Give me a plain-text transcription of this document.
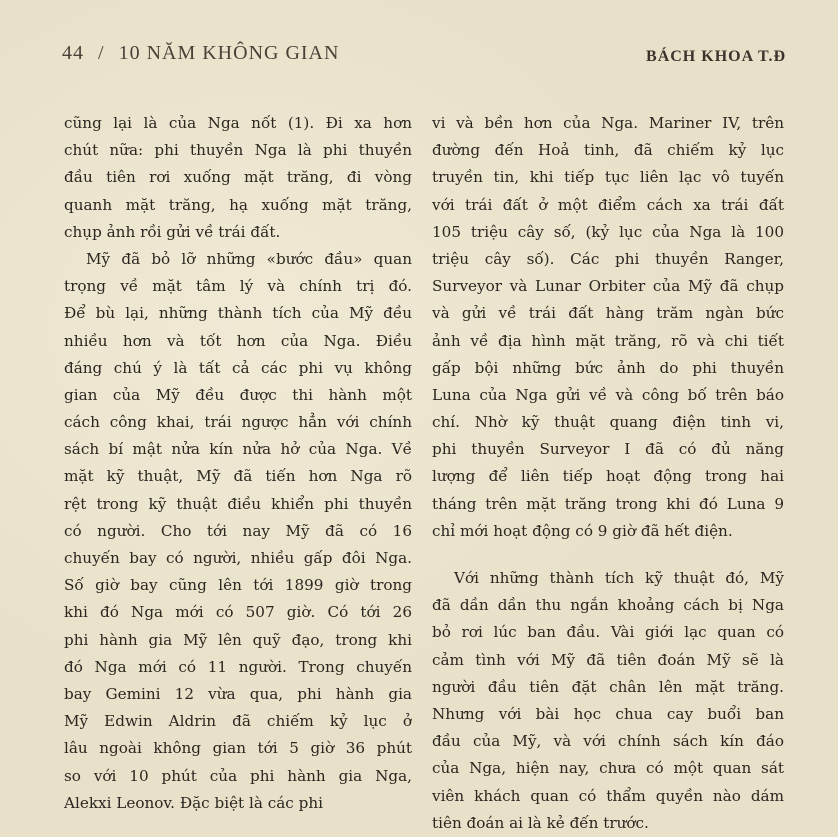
44 / 10 NĂM KHÔNG GIAN	BÁCH KHOA T.Đ
cũng lại là của Nga nốt (1). Đi xa hơn
chút nữa: phi thuyền Nga là phi thuyền
đầu tiên rơi xuống mặt trăng, đi vòng
quanh mặt trăng, hạ xuống mặt trăng,
chụp ảnh rồi gửi về trái đất.
Mỹ đã bỏ lỡ những «bước đầu» quan
trọng về mặt tâm lý và chính trị đó.
Để bù lại, những thành tích của Mỹ đều
nhiều hơn và tốt hơn của Nga. Điều
đáng chú ý là tất cả các phi vụ không
gian của Mỹ đều được thi hành một
cách công khai, trái ngược hẳn với chính
sách bí mật nửa kín nửa hở của Nga. Về
mặt kỹ thuật, Mỹ đã tiến hơn Nga rõ
rệt trong kỹ thuật điều khiển phi thuyền
có người. Cho tới nay Mỹ đã có 16
chuyến bay có người, nhiều gấp đôi Nga.
Số giờ bay cũng lên tới 1899 giờ trong
khi đó Nga mới có 507 giờ. Có tới 26
phi hành gia Mỹ lên quỹ đạo, trong khi
đó Nga mới có 11 người. Trong chuyến
bay Gemini 12 vừa qua, phi hành gia
Mỹ Edwin Aldrin đã chiếm kỷ lục ở
lâu ngoài không gian tới 5 giờ 36 phút
so với 10 phút của phi hành gia Nga,
Alekxi Leonov. Đặc biệt là các phi
vi và bền hơn của Nga. Mariner IV, trên
đường đến Hoả tinh, đã chiếm kỷ lục
truyền tin, khi tiếp tục liên lạc vô tuyến
với trái đất ở một điểm cách xa trái đất
105 triệu cây số, (kỷ lục của Nga là 100
triệu cây số). Các phi thuyền Ranger,
Surveyor và Lunar Orbiter của Mỹ đã chụp
và gửi về trái đất hàng trăm ngàn bức
ảnh về địa hình mặt trăng, rõ và chi tiết
gấp bội những bức ảnh do phi thuyền
Luna của Nga gửi về và công bố trên báo
chí. Nhờ kỹ thuật quang điện tinh vi,
phi thuyền Surveyor I đã có đủ năng
lượng để liên tiếp hoạt động trong hai
tháng trên mặt trăng trong khi đó Luna 9
chỉ mới hoạt động có 9 giờ đã hết điện.
Với những thành tích kỹ thuật đó, Mỹ
đã dần dần thu ngắn khoảng cách bị Nga
bỏ rơi lúc ban đầu. Vài giới lạc quan có
cảm tình với Mỹ đã tiên đoán Mỹ sẽ là
người đầu tiên đặt chân lên mặt trăng.
Nhưng với bài học chua cay buổi ban
đầu của Mỹ, và với chính sách kín đáo
của Nga, hiện nay, chưa có một quan sát
viên khách quan có thẩm quyền nào dám
tiên đoán ai là kẻ đến trước.
